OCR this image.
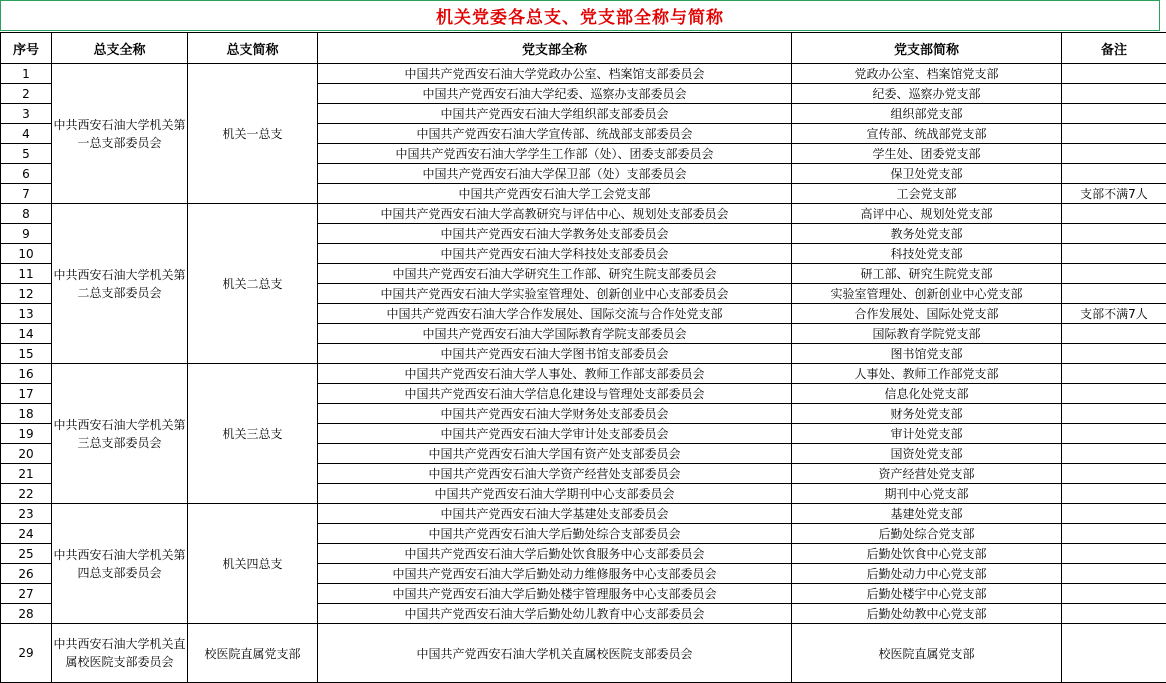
机关党委各总支、党支部全称与简称
序号	总支全称	总支简称	党支部全称	党支部简称	备注
1	中共西安石油大学机关第一总支部委员会	机关一总支	中国共产党西安石油大学党政办公室、档案馆支部委员会	党政办公室、档案馆党支部	
2			中国共产党西安石油大学纪委、巡察办支部委员会	纪委、巡察办党支部	
3			中国共产党西安石油大学组织部支部委员会	组织部党支部	
4			中国共产党西安石油大学宣传部、统战部支部委员会	宣传部、统战部党支部	
5			中国共产党西安石油大学学生工作部（处）、团委支部委员会	学生处、团委党支部	
6			中国共产党西安石油大学保卫部（处）支部委员会	保卫处党支部	
7			中国共产党西安石油大学工会党支部	工会党支部	支部不满7人
8	中共西安石油大学机关第二总支部委员会	机关二总支	中国共产党西安石油大学高教研究与评估中心、规划处支部委员会	高评中心、规划处党支部	
9			中国共产党西安石油大学教务处支部委员会	教务处党支部	
10			中国共产党西安石油大学科技处支部委员会	科技处党支部	
11			中国共产党西安石油大学研究生工作部、研究生院支部委员会	研工部、研究生院党支部	
12			中国共产党西安石油大学实验室管理处、创新创业中心支部委员会	实验室管理处、创新创业中心党支部	
13			中国共产党西安石油大学合作发展处、国际交流与合作处党支部	合作发展处、国际处党支部	支部不满7人
14			中国共产党西安石油大学国际教育学院支部委员会	国际教育学院党支部	
15			中国共产党西安石油大学图书馆支部委员会	图书馆党支部	
16	中共西安石油大学机关第三总支部委员会	机关三总支	中国共产党西安石油大学人事处、教师工作部支部委员会	人事处、教师工作部党支部	
17			中国共产党西安石油大学信息化建设与管理处支部委员会	信息化处党支部	
18			中国共产党西安石油大学财务处支部委员会	财务处党支部	
19			中国共产党西安石油大学审计处支部委员会	审计处党支部	
20			中国共产党西安石油大学国有资产处支部委员会	国资处党支部	
21			中国共产党西安石油大学资产经营处支部委员会	资产经营处党支部	
22			中国共产党西安石油大学期刊中心支部委员会	期刊中心党支部	
23	中共西安石油大学机关第四总支部委员会	机关四总支	中国共产党西安石油大学基建处支部委员会	基建处党支部	
24			中国共产党西安石油大学后勤处综合支部委员会	后勤处综合党支部	
25			中国共产党西安石油大学后勤处饮食服务中心支部委员会	后勤处饮食中心党支部	
26			中国共产党西安石油大学后勤处动力维修服务中心支部委员会	后勤处动力中心党支部	
27			中国共产党西安石油大学后勤处楼宇管理服务中心支部委员会	后勤处楼宇中心党支部	
28			中国共产党西安石油大学后勤处幼儿教育中心支部委员会	后勤处幼教中心党支部	
29	中共西安石油大学机关直属校医院支部委员会	校医院直属党支部	中国共产党西安石油大学机关直属校医院支部委员会	校医院直属党支部	
